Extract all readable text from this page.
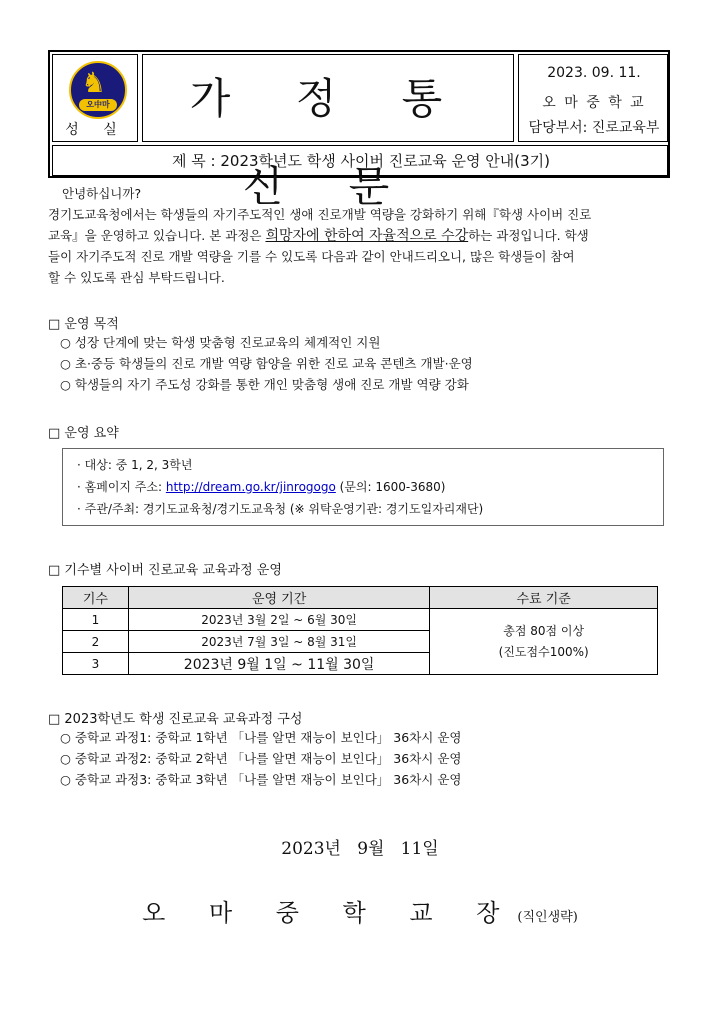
♞
오中마
성 실
가 정 통 신 문
2023. 09. 11.
오 마 중 학 교
담당부서: 진로교육부
제 목 : 2023학년도 학생 사이버 진로교육 운영 안내(3기)
안녕하십니까?
경기도교육청에서는 학생들의 자기주도적인 생애 진로개발 역량을 강화하기 위해『학생 사이버 진로
교육』을 운영하고 있습니다. 본 과정은 희망자에 한하여 자율적으로 수강하는 과정입니다. 학생
들이 자기주도적 진로 개발 역량을 기를 수 있도록 다음과 같이 안내드리오니, 많은 학생들이 참여
할 수 있도록 관심 부탁드립니다.
□ 운영 목적
○ 성장 단계에 맞는 학생 맞춤형 진로교육의 체계적인 지원
○ 초·중등 학생들의 진로 개발 역량 함양을 위한 진로 교육 콘텐츠 개발·운영
○ 학생들의 자기 주도성 강화를 통한 개인 맞춤형 생애 진로 개발 역량 강화
□ 운영 요약
· 대상: 중 1, 2, 3학년
· 홈페이지 주소: http://dream.go.kr/jinrogogo (문의: 1600-3680)
· 주관/주최: 경기도교육청/경기도교육청 (※ 위탁운영기관: 경기도일자리재단)
□ 기수별 사이버 진로교육 교육과정 운영
기수	운영 기간	수료 기준
1	2023년 3월 2일 ~ 6월 30일	총점 80점 이상
(진도점수100%)

2	2023년 7월 3일 ~ 8월 31일	
3	2023년 9월 1일 ~ 11월 30일	
□ 2023학년도 학생 진로교육 교육과정 구성
○ 중학교 과정1: 중학교 1학년 「나를 알면 재능이 보인다」 36차시 운영
○ 중학교 과정2: 중학교 2학년 「나를 알면 재능이 보인다」 36차시 운영
○ 중학교 과정3: 중학교 3학년 「나를 알면 재능이 보인다」 36차시 운영
2023년   9월   11일
오 마 중 학 교 장(직인생략)
